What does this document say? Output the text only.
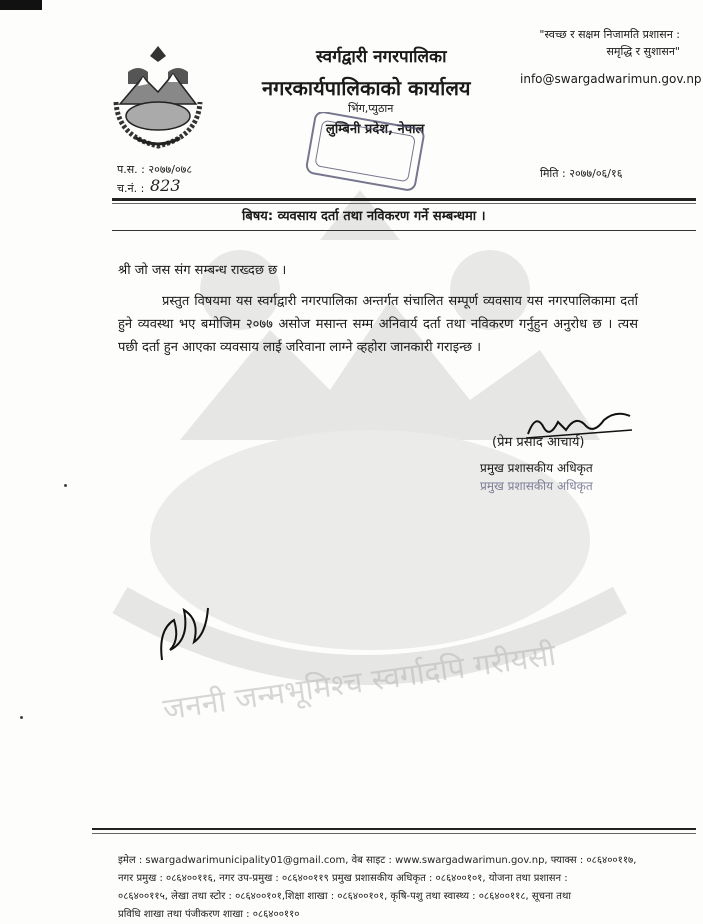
स्वर्गद्वारी नगरपालिका
नगरकार्यपालिकाको कार्यालय
भिंग,प्युठान
लुम्बिनी प्रदेश, नेपाल
"स्वच्छ र सक्षम निजामति प्रशासन :
समृद्धि र सुशासन"
info@swargadwarimun.gov.np
प.स. : २०७७/०७८
च.नं. : 823
मिति : २०७७/०६/१६
बिषय: व्यवसाय दर्ता तथा नविकरण गर्ने सम्बन्धमा ।
श्री जो जस संग सम्बन्ध राख्दछ छ ।
प्रस्तुत विषयमा यस स्वर्गद्वारी नगरपालिका अन्तर्गत संचालित सम्पूर्ण व्यवसाय यस नगरपालिकामा दर्ता हुने व्यवस्था भए बमोजिम २०७७ असोज मसान्त सम्म अनिवार्य दर्ता तथा नविकरण गर्नुहुन अनुरोध छ । त्यस पछी दर्ता हुन आएका व्यवसाय लाई जरिवाना लाग्ने व्हहोरा जानकारी गराइन्छ ।
(प्रेम प्रसाद आचार्य)
प्रमुख प्रशासकीय अधिकृत
प्रमुख प्रशासकीय अधिकृत
जननी जन्मभूमिश्च स्वर्गादपि गरीयसी
इमेल : swargadwarimunicipality01@gmail.com, वेब साइट : www.swargadwarimun.gov.np, फ्याक्स : ०८६४००११७,
नगर प्रमुख : ०८६४००११६, नगर उप-प्रमुख : ०८६४००११९ प्रमुख प्रशासकीय अधिकृत : ०८६४००१०१, योजना तथा प्रशासन :
०८६४००११५, लेखा तथा स्टोर : ०८६४००१०१,शिक्षा शाखा : ०८६४००१०१, कृषि-पशु तथा स्वास्थ्य : ०८६४००११८, सूचना तथा
प्रविधि शाखा तथा पंजीकरण शाखा : ०८६४००११०
